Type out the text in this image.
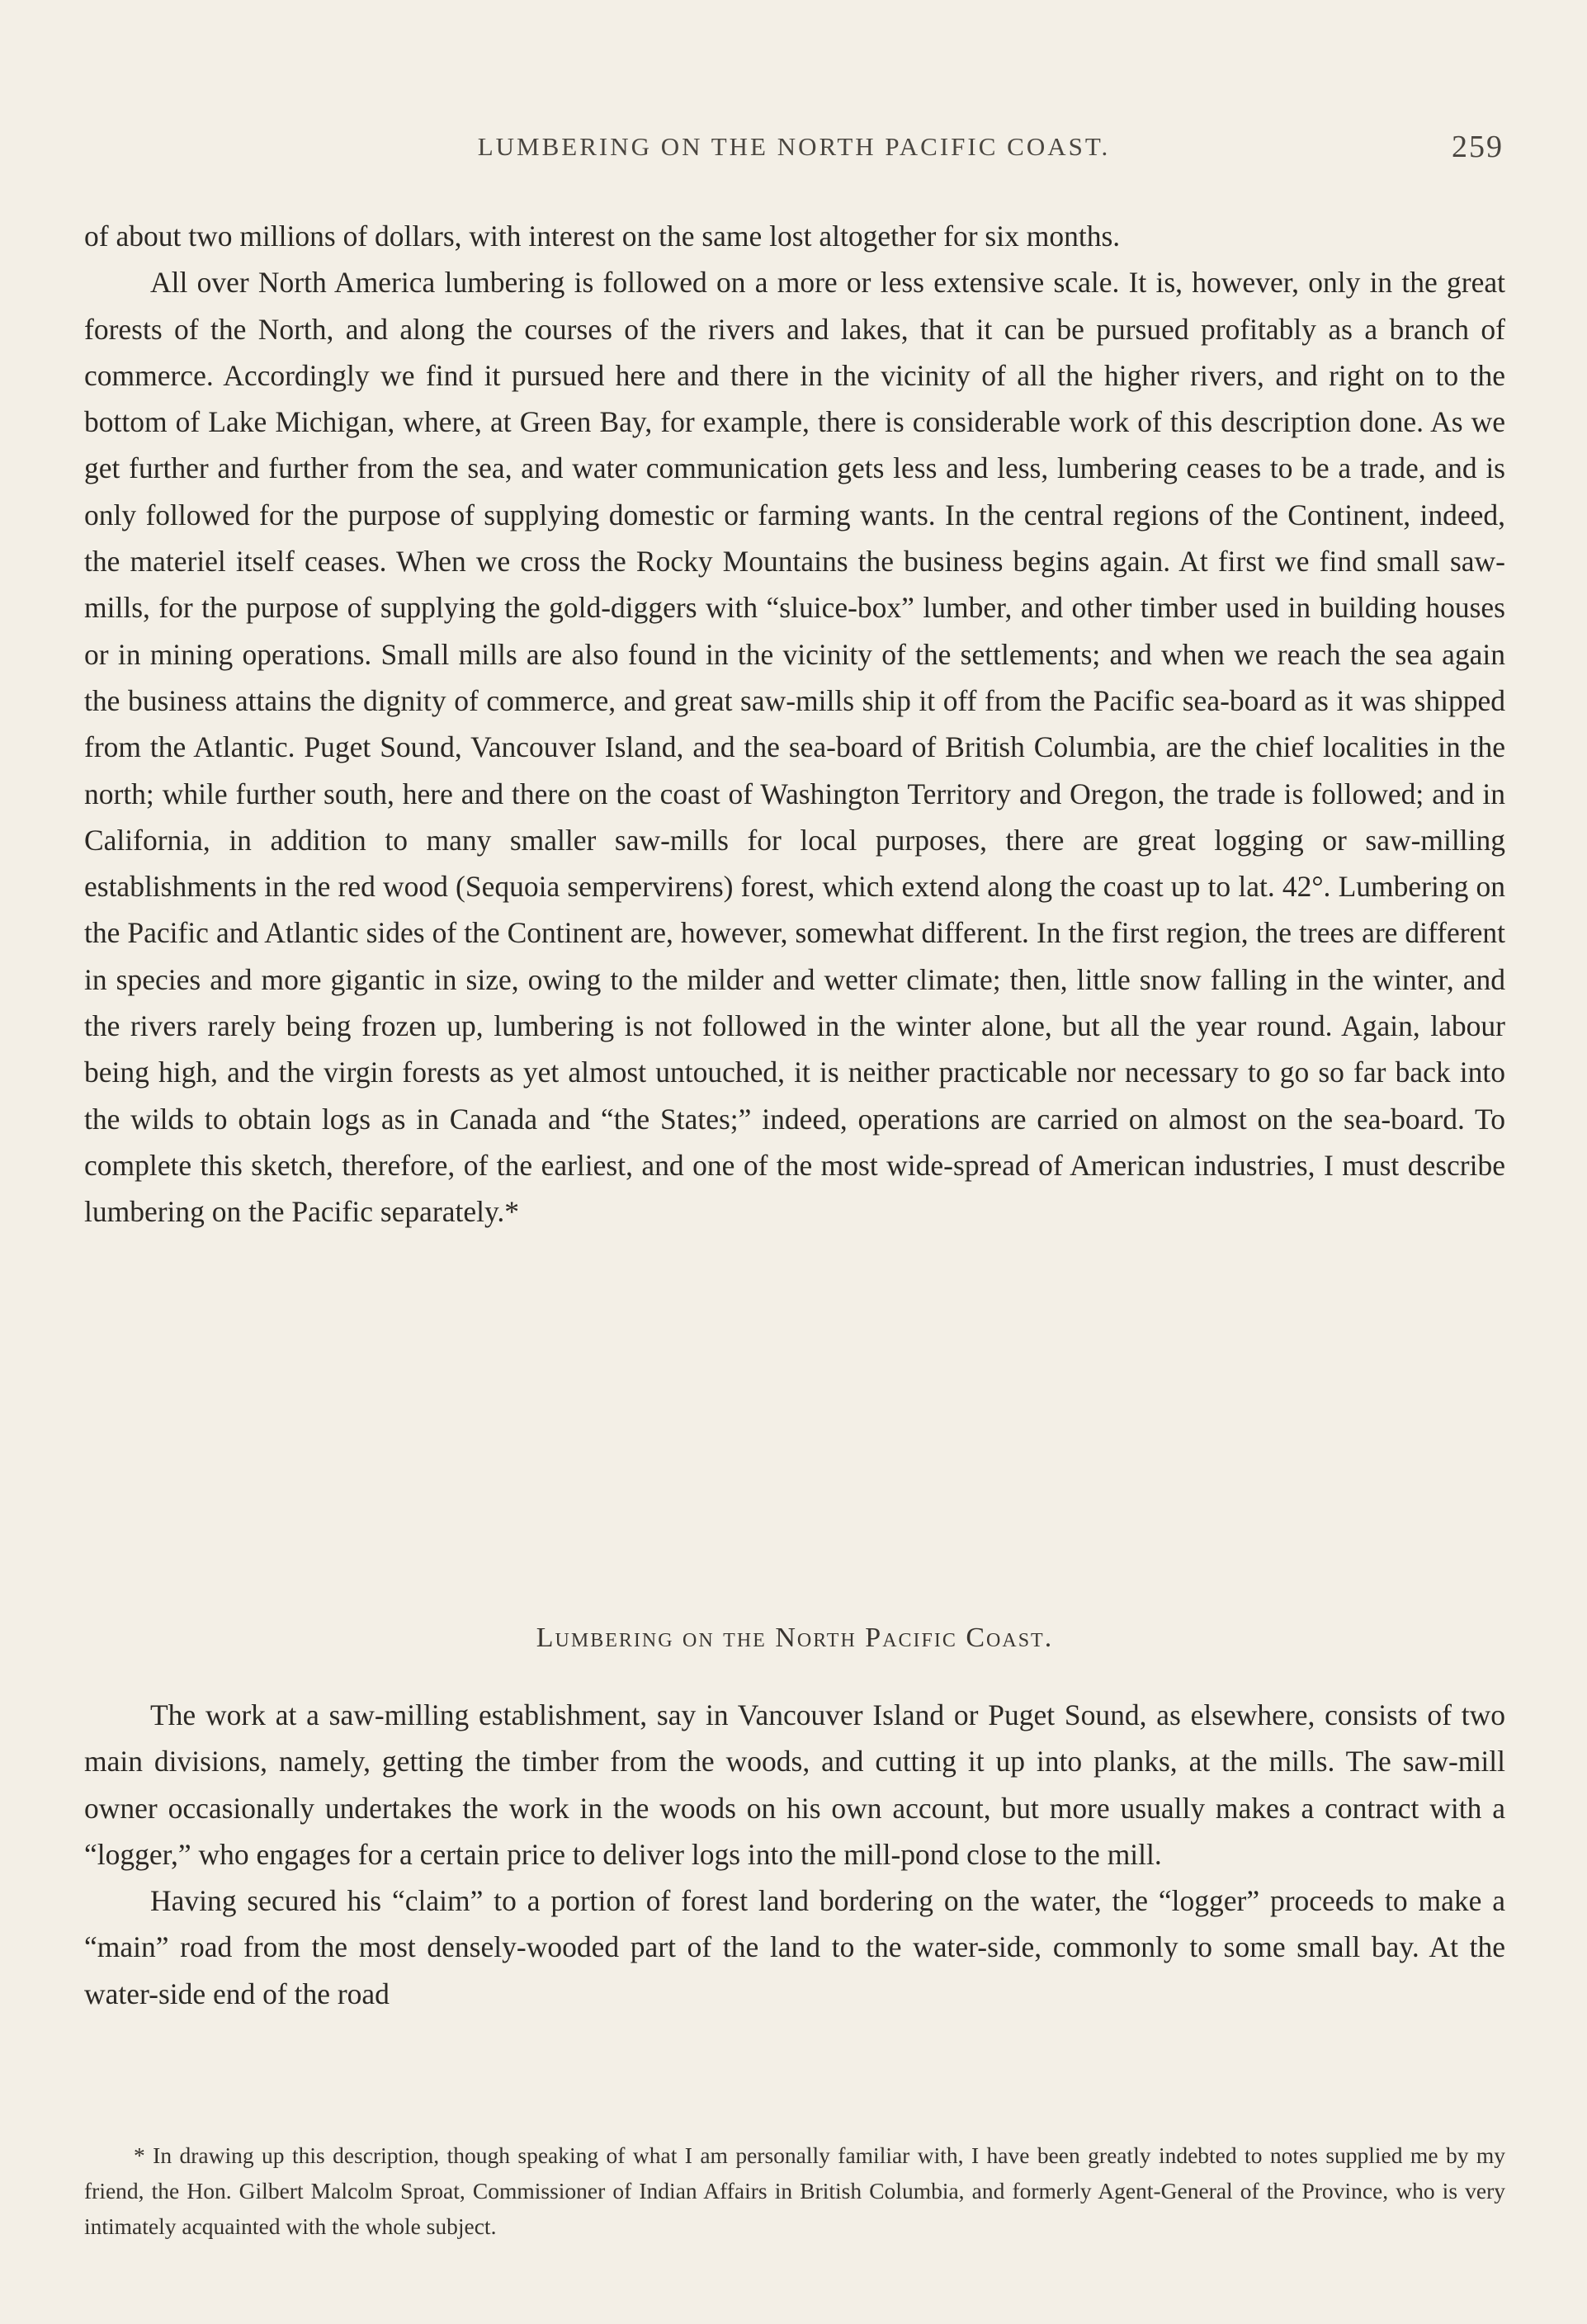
LUMBERING ON THE NORTH PACIFIC COAST.	259

of about two millions of dollars, with interest on the same lost altogether for six months.

All over North America lumbering is followed on a more or less extensive scale. It is, however, only in the great forests of the North, and along the courses of the rivers and lakes, that it can be pursued profitably as a branch of commerce. Accordingly we find it pursued here and there in the vicinity of all the higher rivers, and right on to the bottom of Lake Michigan, where, at Green Bay, for example, there is considerable work of this description done. As we get further and further from the sea, and water communication gets less and less, lumbering ceases to be a trade, and is only followed for the purpose of supplying domestic or farming wants. In the central regions of the Continent, indeed, the materiel itself ceases. When we cross the Rocky Mountains the business begins again. At first we find small saw-mills, for the purpose of supplying the gold-diggers with “sluice-box” lumber, and other timber used in building houses or in mining operations. Small mills are also found in the vicinity of the settlements; and when we reach the sea again the business attains the dignity of commerce, and great saw-mills ship it off from the Pacific sea-board as it was shipped from the Atlantic. Puget Sound, Vancouver Island, and the sea-board of British Columbia, are the chief localities in the north; while further south, here and there on the coast of Washington Territory and Oregon, the trade is followed; and in California, in addition to many smaller saw-mills for local purposes, there are great logging or saw-milling establishments in the red wood (Sequoia sempervirens) forest, which extend along the coast up to lat. 42°. Lumbering on the Pacific and Atlantic sides of the Continent are, however, somewhat different. In the first region, the trees are different in species and more gigantic in size, owing to the milder and wetter climate; then, little snow falling in the winter, and the rivers rarely being frozen up, lumbering is not followed in the winter alone, but all the year round. Again, labour being high, and the virgin forests as yet almost untouched, it is neither practicable nor necessary to go so far back into the wilds to obtain logs as in Canada and “the States;” indeed, operations are carried on almost on the sea-board. To complete this sketch, therefore, of the earliest, and one of the most wide-spread of American industries, I must describe lumbering on the Pacific separately.*

Lumbering on the North Pacific Coast.

The work at a saw-milling establishment, say in Vancouver Island or Puget Sound, as elsewhere, consists of two main divisions, namely, getting the timber from the woods, and cutting it up into planks, at the mills. The saw-mill owner occasionally undertakes the work in the woods on his own account, but more usually makes a contract with a “logger,” who engages for a certain price to deliver logs into the mill-pond close to the mill.

Having secured his “claim” to a portion of forest land bordering on the water, the “logger” proceeds to make a “main” road from the most densely-wooded part of the land to the water-side, commonly to some small bay. At the water-side end of the road

* In drawing up this description, though speaking of what I am personally familiar with, I have been greatly indebted to notes supplied me by my friend, the Hon. Gilbert Malcolm Sproat, Commissioner of Indian Affairs in British Columbia, and formerly Agent-General of the Province, who is very intimately acquainted with the whole subject.
